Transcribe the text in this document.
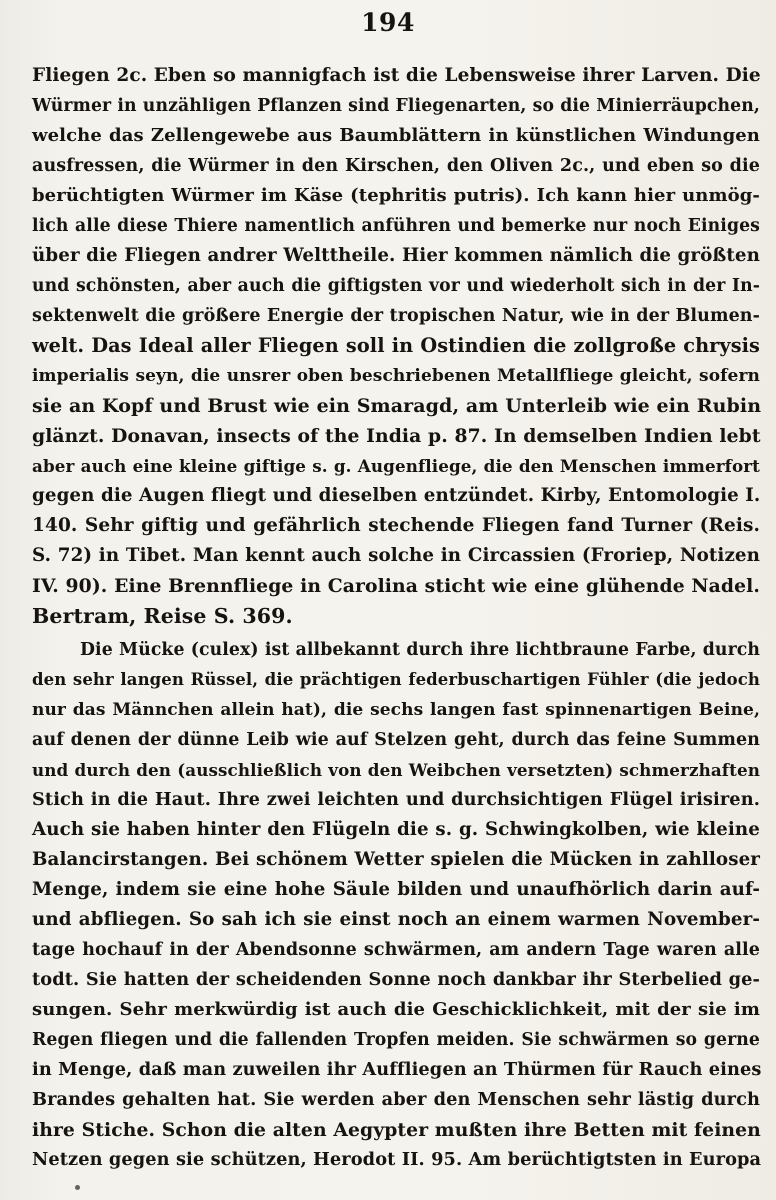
194
Fliegen 2c. Eben so mannigfach ist die Lebensweise ihrer Larven. Die
Würmer in unzähligen Pflanzen sind Fliegenarten, so die Minierräupchen,
welche das Zellengewebe aus Baumblättern in künstlichen Windungen
ausfressen, die Würmer in den Kirschen, den Oliven 2c., und eben so die
berüchtigten Würmer im Käse (tephritis putris). Ich kann hier unmög-
lich alle diese Thiere namentlich anführen und bemerke nur noch Einiges
über die Fliegen andrer Welttheile. Hier kommen nämlich die größten
und schönsten, aber auch die giftigsten vor und wiederholt sich in der In-
sektenwelt die größere Energie der tropischen Natur, wie in der Blumen-
welt. Das Ideal aller Fliegen soll in Ostindien die zollgroße chrysis
imperialis seyn, die unsrer oben beschriebenen Metallfliege gleicht, sofern
sie an Kopf und Brust wie ein Smaragd, am Unterleib wie ein Rubin
glänzt. Donavan, insects of the India p. 87. In demselben Indien lebt
aber auch eine kleine giftige s. g. Augenfliege, die den Menschen immerfort
gegen die Augen fliegt und dieselben entzündet. Kirby, Entomologie I.
140. Sehr giftig und gefährlich stechende Fliegen fand Turner (Reis.
S. 72) in Tibet. Man kennt auch solche in Circassien (Froriep, Notizen
IV. 90). Eine Brennfliege in Carolina sticht wie eine glühende Nadel.
Bertram, Reise S. 369.
Die Mücke (culex) ist allbekannt durch ihre lichtbraune Farbe, durch
den sehr langen Rüssel, die prächtigen federbuschartigen Fühler (die jedoch
nur das Männchen allein hat), die sechs langen fast spinnenartigen Beine,
auf denen der dünne Leib wie auf Stelzen geht, durch das feine Summen
und durch den (ausschließlich von den Weibchen versetzten) schmerzhaften
Stich in die Haut. Ihre zwei leichten und durchsichtigen Flügel irisiren.
Auch sie haben hinter den Flügeln die s. g. Schwingkolben, wie kleine
Balancirstangen. Bei schönem Wetter spielen die Mücken in zahlloser
Menge, indem sie eine hohe Säule bilden und unaufhörlich darin auf-
und abfliegen. So sah ich sie einst noch an einem warmen November-
tage hochauf in der Abendsonne schwärmen, am andern Tage waren alle
todt. Sie hatten der scheidenden Sonne noch dankbar ihr Sterbelied ge-
sungen. Sehr merkwürdig ist auch die Geschicklichkeit, mit der sie im
Regen fliegen und die fallenden Tropfen meiden. Sie schwärmen so gerne
in Menge, daß man zuweilen ihr Auffliegen an Thürmen für Rauch eines
Brandes gehalten hat. Sie werden aber den Menschen sehr lästig durch
ihre Stiche. Schon die alten Aegypter mußten ihre Betten mit feinen
Netzen gegen sie schützen, Herodot II. 95. Am berüchtigtsten in Europa
